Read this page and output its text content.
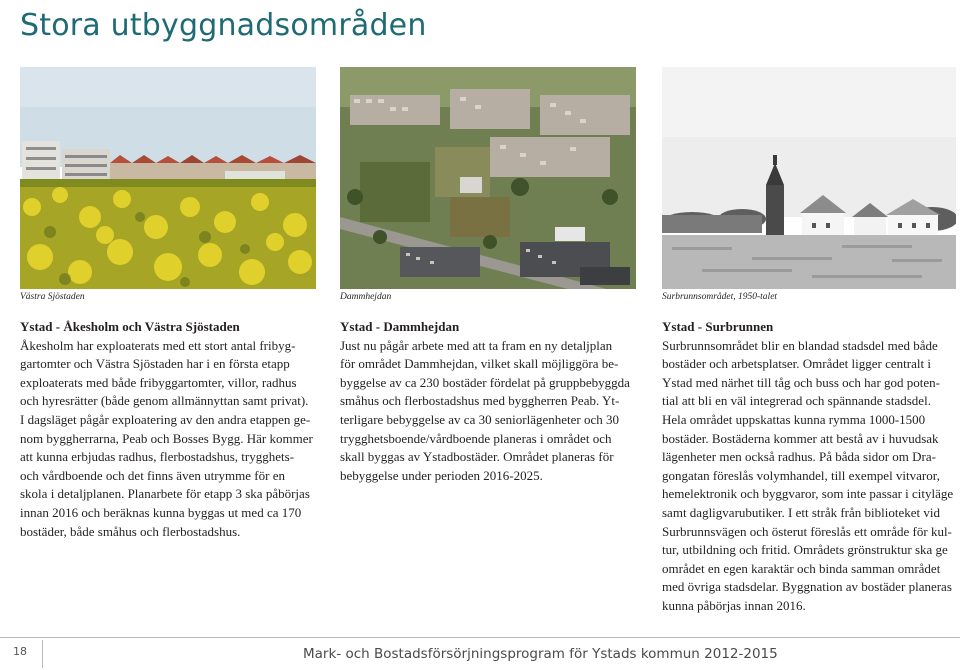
Stora utbyggnadsområden
Västra Sjöstaden	Dammhejdan	Surbrunnsområdet, 1950-talet
Ystad - Åkesholm och Västra Sjöstaden

Åkesholm har exploaterats med ett stort antal fribyg-

gartomter och Västra Sjöstaden har i en första etapp

exploaterats med både fribyggartomter, villor, radhus

och hyresrätter (både genom allmännyttan samt privat).

I dagsläget pågår exploatering av den andra etappen ge-

nom byggherrarna, Peab och Bosses Bygg. Här kommer

att kunna erbjudas radhus, flerbostadshus, trygghets-

och vårdboende och det finns även utrymme för en

skola i detaljplanen. Planarbete för etapp 3 ska påbörjas

innan 2016 och beräknas kunna byggas ut med ca 170

bostäder, både småhus och flerbostadshus.

Ystad - Dammhejdan

Just nu pågår arbete med att ta fram en ny detaljplan

för området Dammhejdan, vilket skall möjliggöra be-

byggelse av ca 230 bostäder fördelat på gruppbebyggda

småhus och flerbostadshus med byggherren Peab. Yt-

terligare bebyggelse av ca 30 seniorlägenheter och 30

trygghetsboende/vårdboende planeras i området och

skall byggas av Ystadbostäder. Området planeras för

bebyggelse under perioden 2016-2025.

Ystad - Surbrunnen

Surbrunnsområdet blir en blandad stadsdel med både

bostäder och arbetsplatser. Området ligger centralt i

Ystad med närhet till tåg och buss och har god poten-

tial att bli en väl integrerad och spännande stadsdel.

Hela området uppskattas kunna rymma 1000-1500

bostäder. Bostäderna kommer att bestå av i huvudsak

lägenheter men också radhus. På båda sidor om Dra-

gongatan föreslås volymhandel, till exempel vitvaror,

hemelektronik och byggvaror, som inte passar i cityläge

samt dagligvarubutiker. I ett stråk från biblioteket vid

Surbrunnsvägen och österut föreslås ett område för kul-

tur, utbildning och fritid. Områdets grönstruktur ska ge

området en egen karaktär och binda samman området

med övriga stadsdelar. Byggnation av bostäder planeras

kunna påbörjas innan 2016.

18	Mark- och Bostadsförsörjningsprogram för Ystads kommun 2012-2015
